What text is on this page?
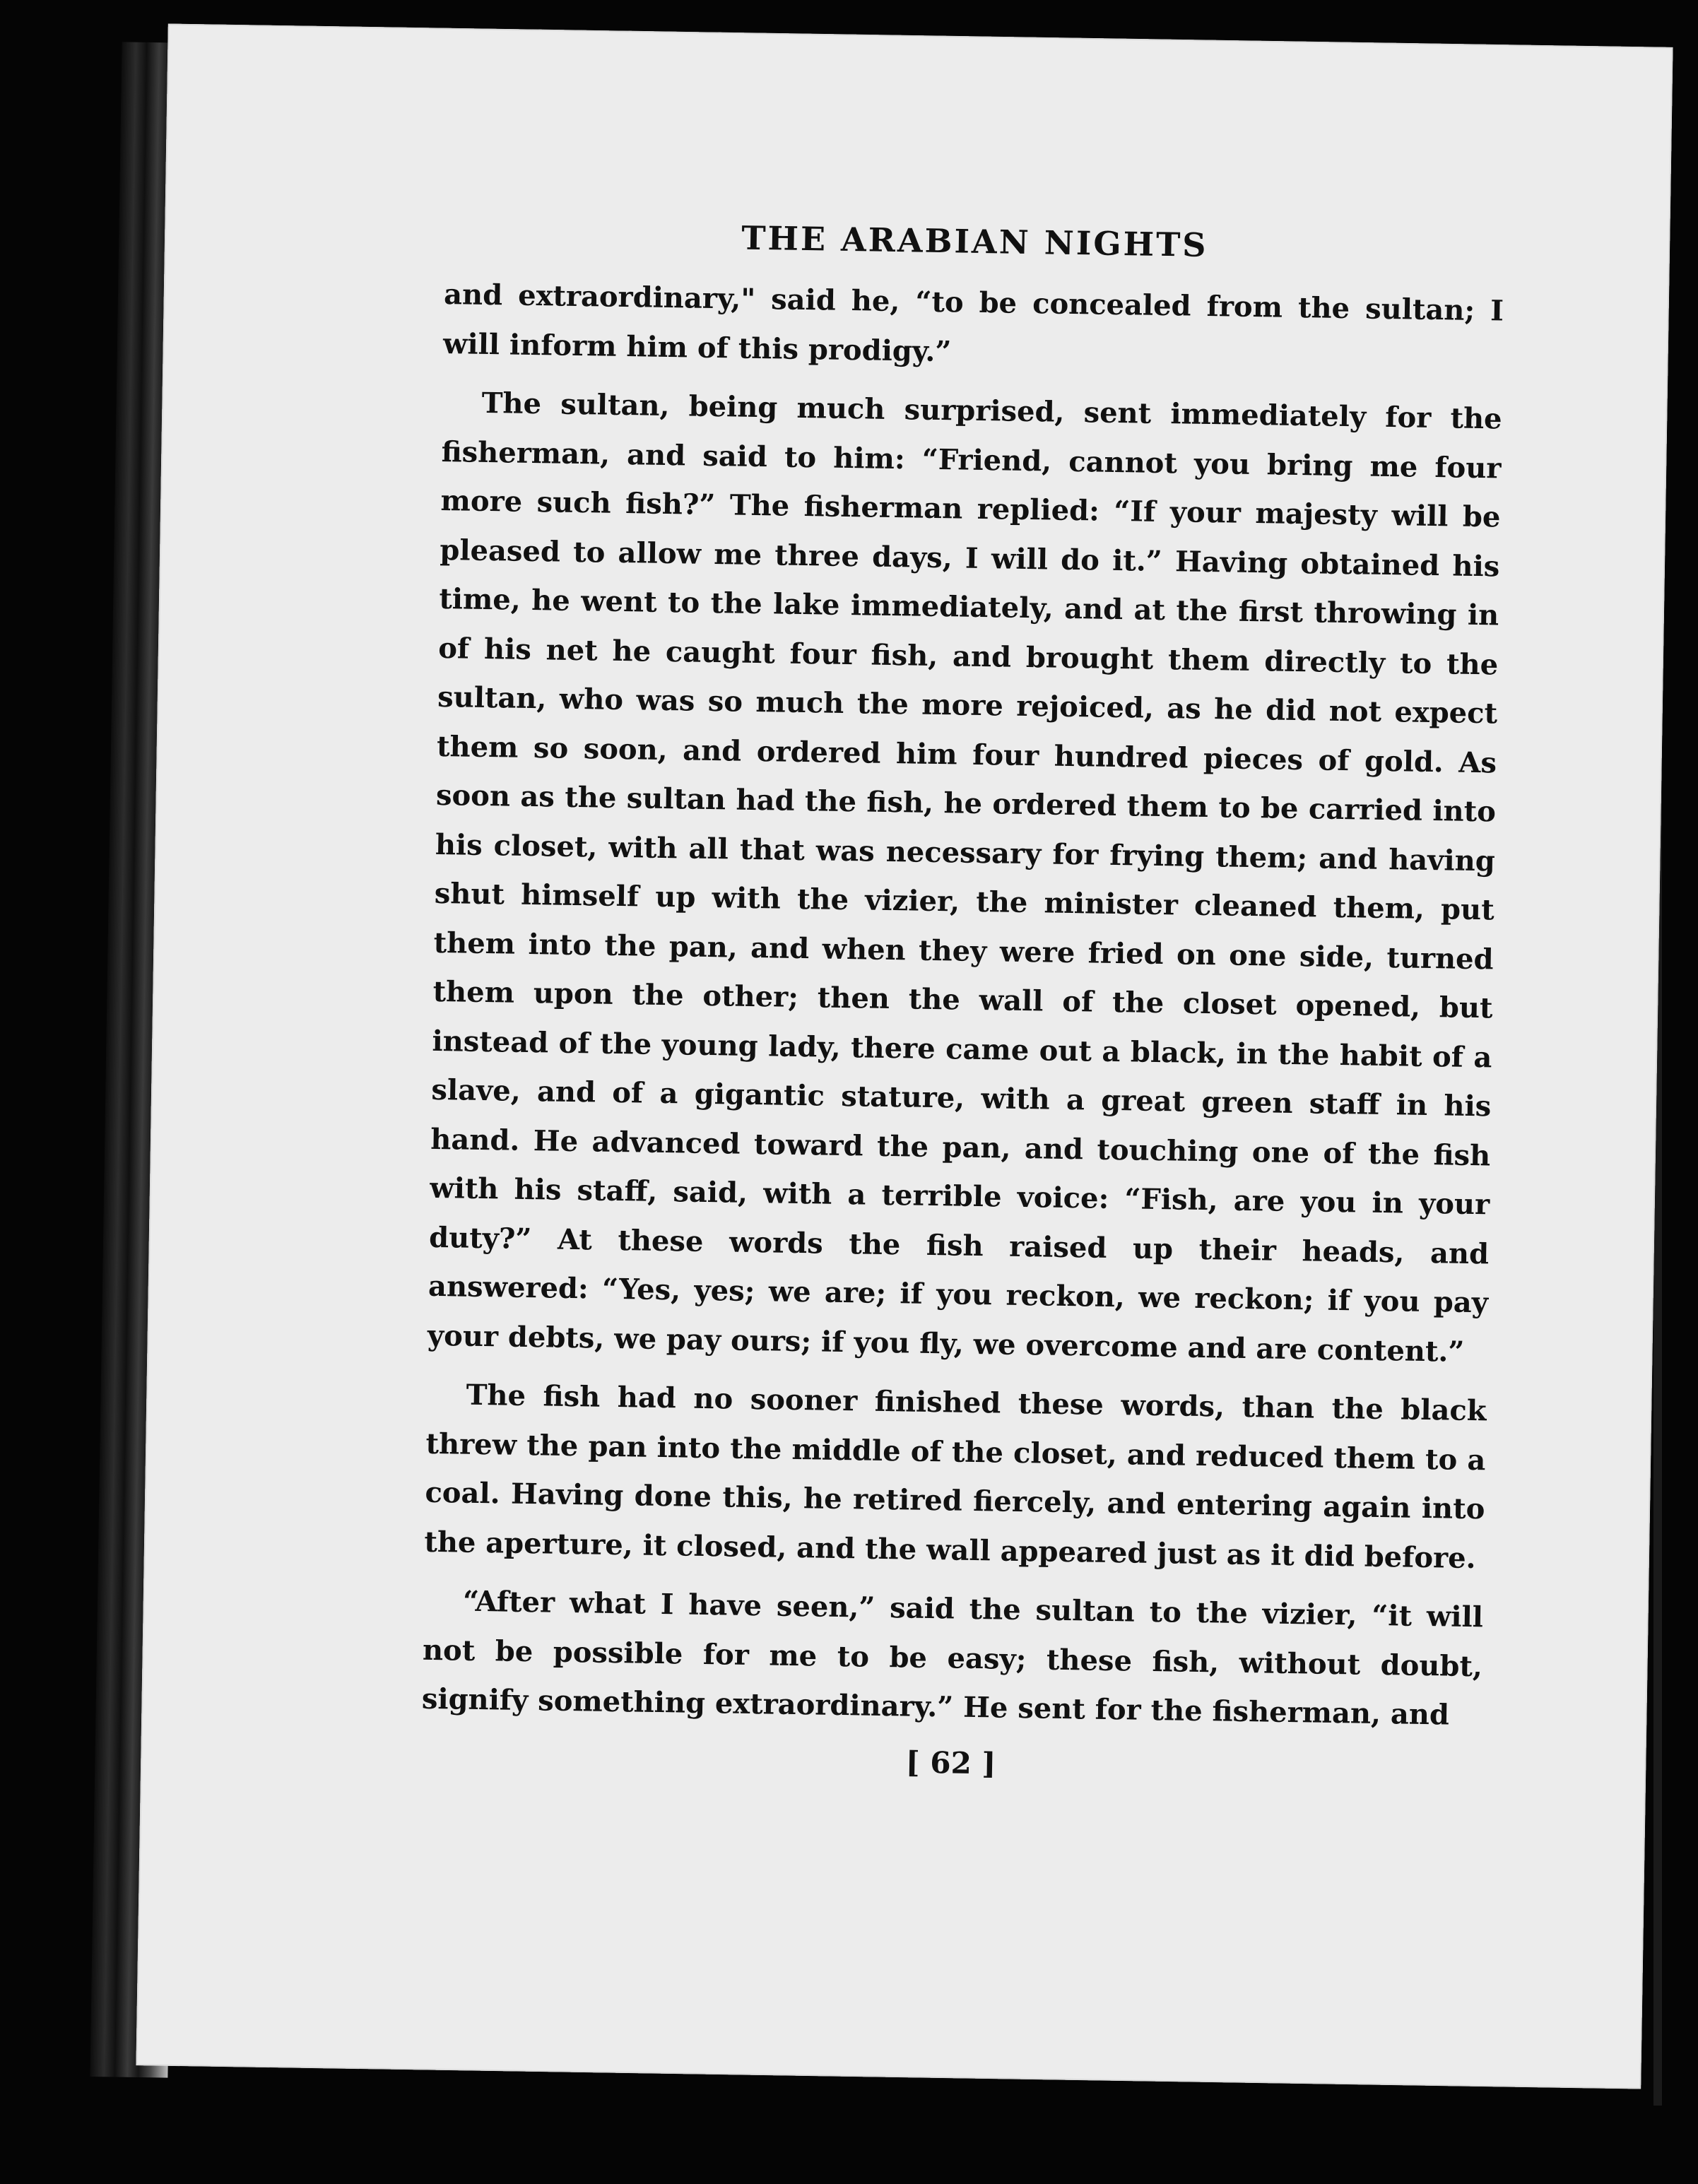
THE ARABIAN NIGHTS

and extraordinary," said he, “to be concealed from the sultan; I will inform him of this prodigy.”

The sultan, being much surprised, sent immediately for the fisherman, and said to him: “Friend, cannot you bring me four more such fish?” The fisherman replied: “If your majesty will be pleased to allow me three days, I will do it.” Having obtained his time, he went to the lake immediately, and at the first throwing in of his net he caught four fish, and brought them directly to the sultan, who was so much the more rejoiced, as he did not expect them so soon, and ordered him four hundred pieces of gold. As soon as the sultan had the fish, he ordered them to be carried into his closet, with all that was necessary for frying them; and having shut himself up with the vizier, the minister cleaned them, put them into the pan, and when they were fried on one side, turned them upon the other; then the wall of the closet opened, but instead of the young lady, there came out a black, in the habit of a slave, and of a gigantic stature, with a great green staff in his hand. He advanced toward the pan, and touching one of the fish with his staff, said, with a terrible voice: “Fish, are you in your duty?” At these words the fish raised up their heads, and answered: “Yes, yes; we are; if you reckon, we reckon; if you pay your debts, we pay ours; if you fly, we overcome and are content.”

The fish had no sooner finished these words, than the black threw the pan into the middle of the closet, and reduced them to a coal. Having done this, he retired fiercely, and entering again into the aperture, it closed, and the wall appeared just as it did before.

“After what I have seen,” said the sultan to the vizier, “it will not be possible for me to be easy; these fish, without doubt, signify something extraordinary.” He sent for the fisherman, and

[ 62 ]
